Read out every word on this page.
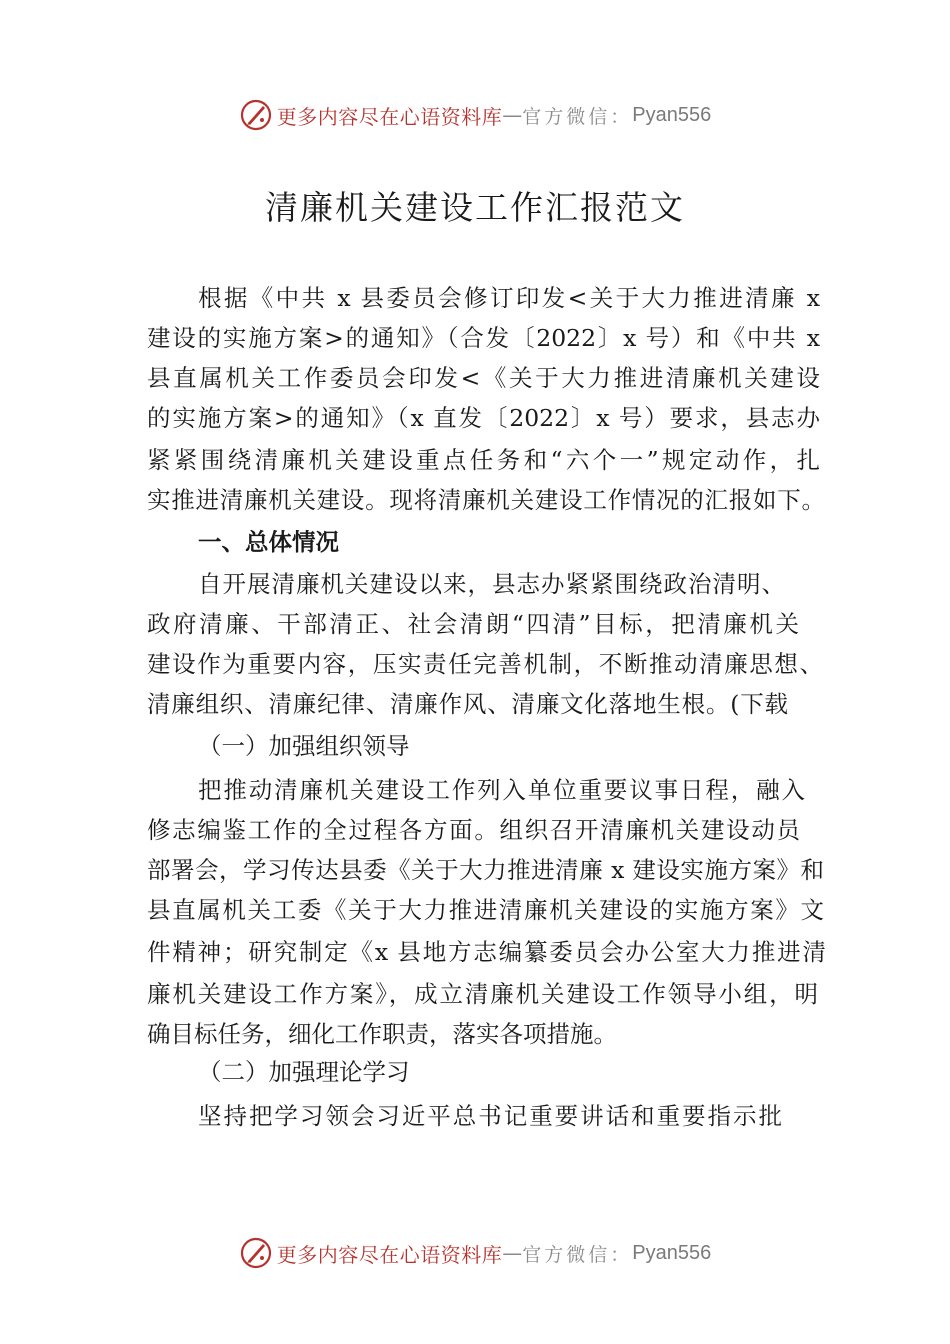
更多内容尽在心语资料库 — 官方微信： Pyan556
清廉机关建设工作汇报范文
根据《中共 x 县委员会修订印发<关于大力推进清廉 x
建设的实施方案>的通知》（合发〔2022〕x 号）和《中共 x
县直属机关工作委员会印发<《关于大力推进清廉机关建设
的实施方案>的通知》（x 直发〔2022〕x 号）要求，县志办
紧紧围绕清廉机关建设重点任务和“六个一”规定动作，扎
实推进清廉机关建设。现将清廉机关建设工作情况的汇报如下。
一、总体情况
自开展清廉机关建设以来，县志办紧紧围绕政治清明、
政府清廉、干部清正、社会清朗“四清”目标，把清廉机关
建设作为重要内容，压实责任完善机制，不断推动清廉思想、
清廉组织、清廉纪律、清廉作风、清廉文化落地生根。(下载
（一）加强组织领导
把推动清廉机关建设工作列入单位重要议事日程，融入
修志编鉴工作的全过程各方面。组织召开清廉机关建设动员
部署会，学习传达县委《关于大力推进清廉 x 建设实施方案》和
县直属机关工委《关于大力推进清廉机关建设的实施方案》文
件精神；研究制定《x 县地方志编纂委员会办公室大力推进清
廉机关建设工作方案》，成立清廉机关建设工作领导小组，明
确目标任务，细化工作职责，落实各项措施。
（二）加强理论学习
坚持把学习领会习近平总书记重要讲话和重要指示批
更多内容尽在心语资料库 — 官方微信： Pyan556
